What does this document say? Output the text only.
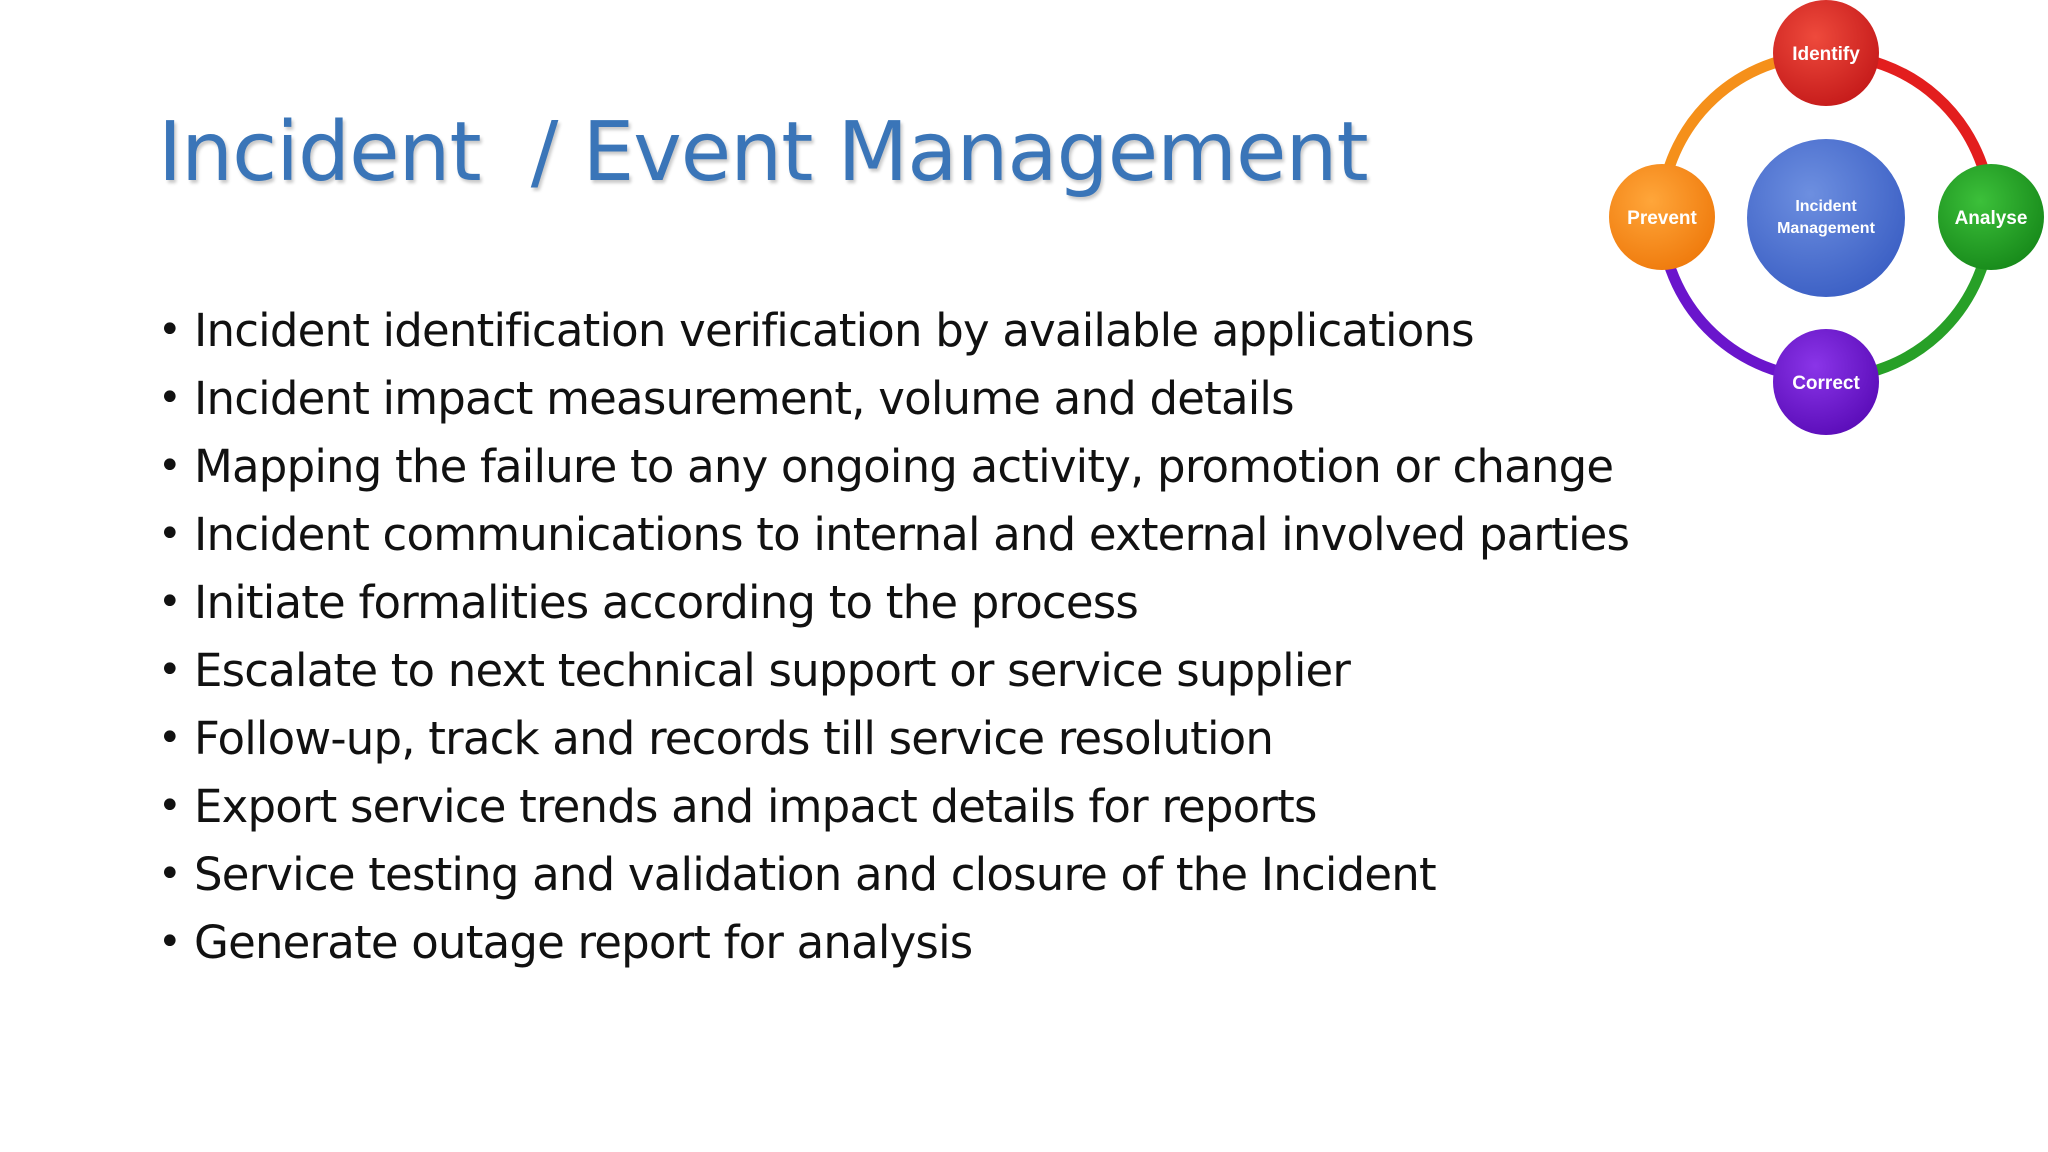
Incident  / Event Management
• Incident identification verification by available applications
• Incident impact measurement, volume and details
• Mapping the failure to any ongoing activity, promotion or change
• Incident communications to internal and external involved parties
• Initiate formalities according to the process
• Escalate to next technical support or service supplier
• Follow-up, track and records till service resolution
• Export service trends and impact details for reports
• Service testing and validation and closure of the Incident
• Generate outage report for analysis
Incident
Management
Identify
Analyse
Correct
Prevent
